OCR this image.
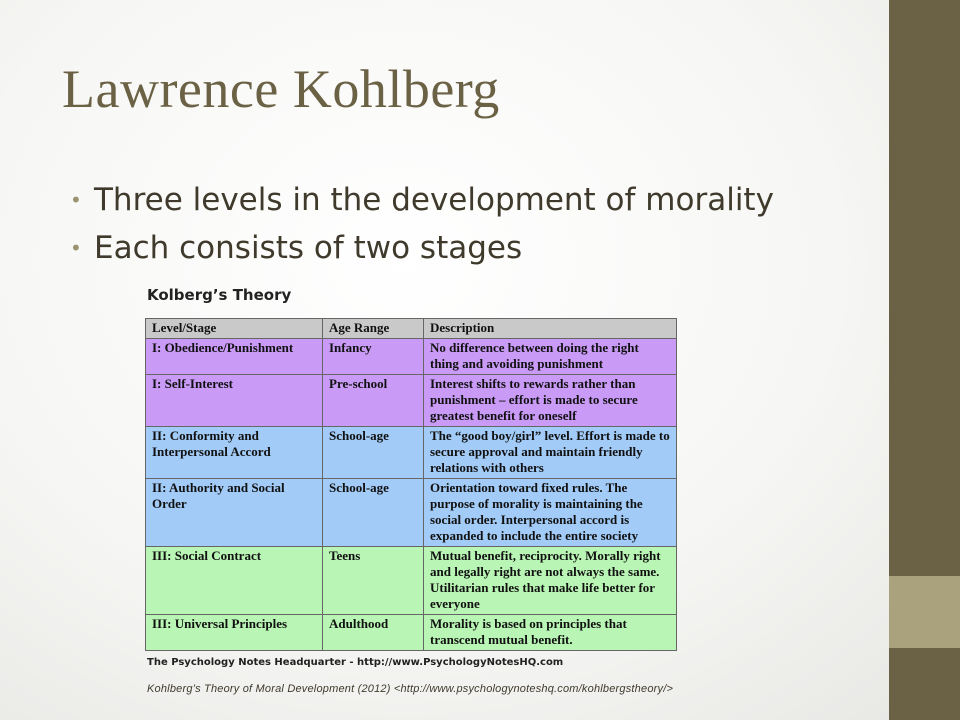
Lawrence Kohlberg
• Three levels in the development of morality
• Each consists of two stages
Kolberg’s Theory
Level/Stage	Age Range	Description
I: Obedience/Punishment	Infancy	No difference between doing the right thing and avoiding punishment
I: Self-Interest	Pre-school	Interest shifts to rewards rather than punishment – effort is made to secure greatest benefit for oneself
II: Conformity and Interpersonal Accord	School-age	The “good boy/girl” level. Effort is made to secure approval and maintain friendly relations with others
II: Authority and Social Order	School-age	Orientation toward fixed rules. The purpose of morality is maintaining the social order. Interpersonal accord is expanded to include the entire society
III: Social Contract	Teens	Mutual benefit, reciprocity. Morally right and legally right are not always the same. Utilitarian rules that make life better for everyone
III: Universal Principles	Adulthood	Morality is based on principles that transcend mutual benefit.
The Psychology Notes Headquarter - http://www.PsychologyNotesHQ.com
Kohlberg’s Theory of Moral Development (2012) <http://www.psychologynoteshq.com/kohlbergstheory/>
